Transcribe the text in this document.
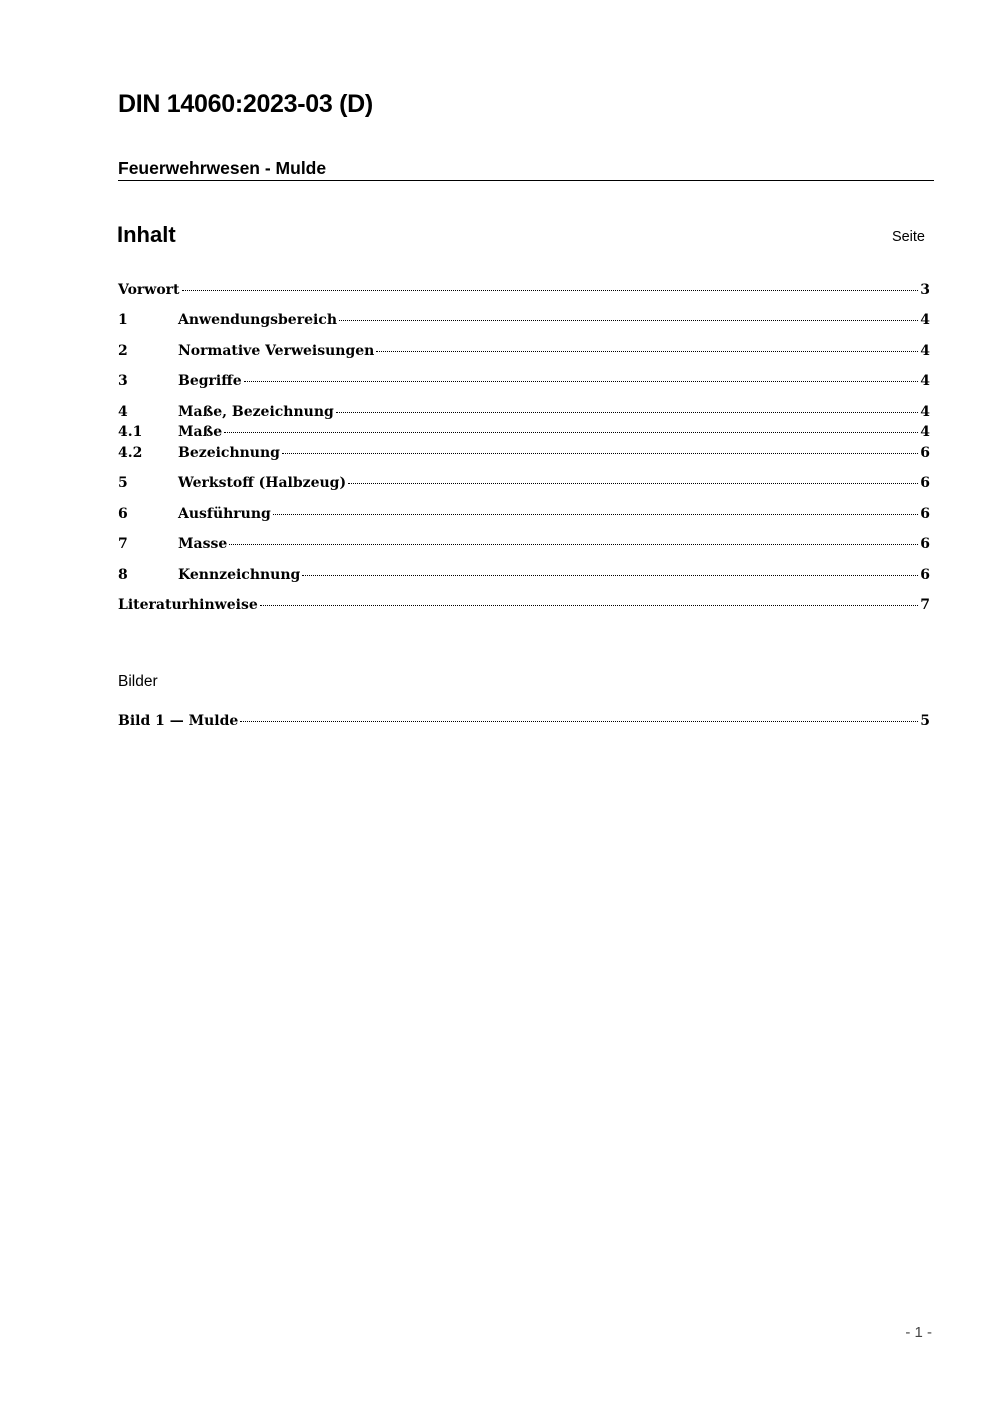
DIN 14060:2023-03 (D)
Feuerwehrwesen - Mulde
Inhalt	Seite
Vorwort	3
1	Anwendungsbereich	4
2	Normative Verweisungen	4
3	Begriffe	4
4	Maße, Bezeichnung	4
4.1	Maße	4
4.2	Bezeichnung	6
5	Werkstoff (Halbzeug)	6
6	Ausführung	6
7	Masse	6
8	Kennzeichnung	6
Literaturhinweise	7
Bilder
Bild 1 — Mulde	5
- 1 -
